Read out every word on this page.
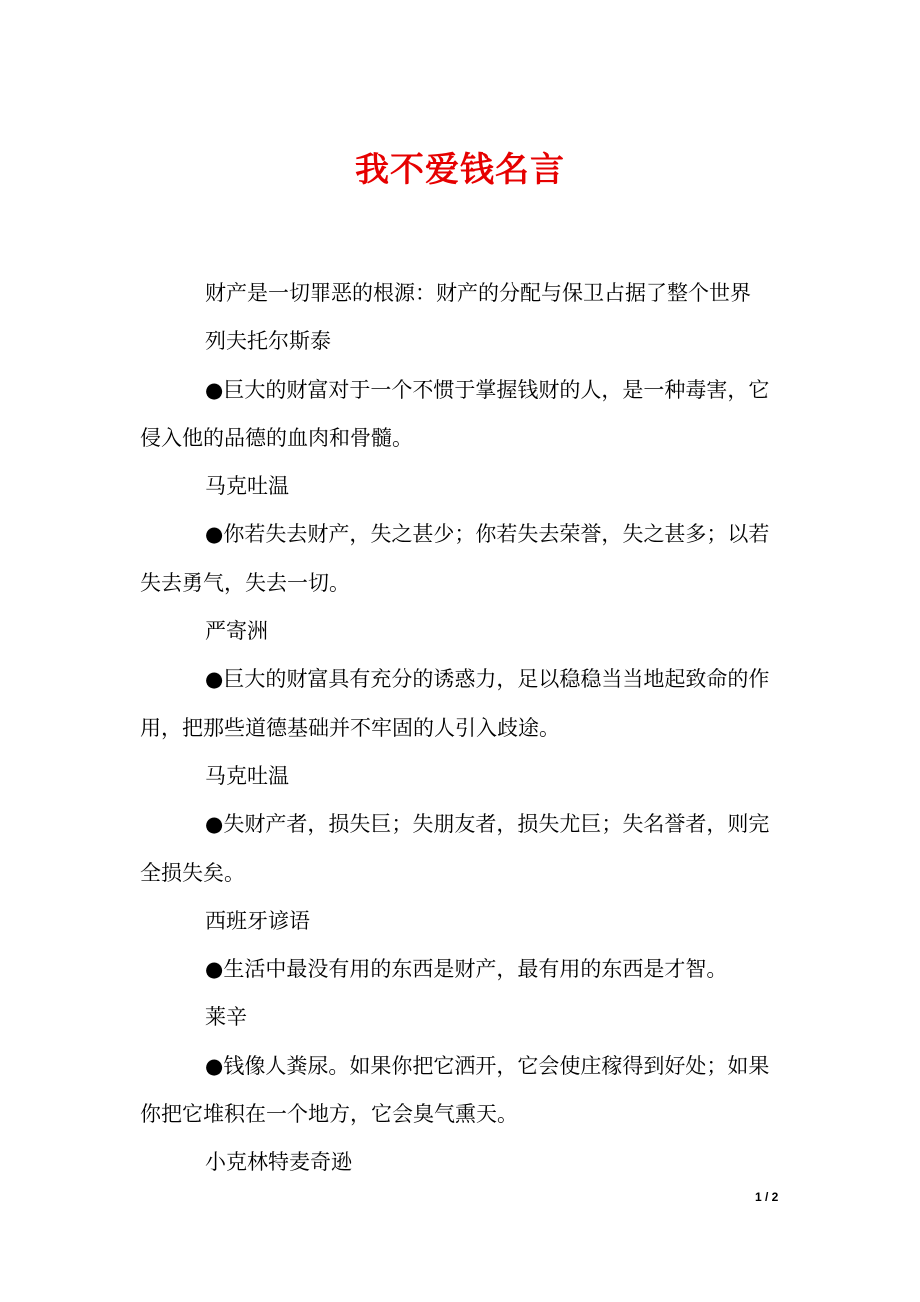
我不爱钱名言
财产是一切罪恶的根源：财产的分配与保卫占据了整个世界
列夫托尔斯泰
●巨大的财富对于一个不惯于掌握钱财的人，是一种毒害，它
侵入他的品德的血肉和骨髓。
马克吐温
●你若失去财产，失之甚少；你若失去荣誉，失之甚多；以若
失去勇气，失去一切。
严寄洲
●巨大的财富具有充分的诱惑力，足以稳稳当当地起致命的作
用，把那些道德基础并不牢固的人引入歧途。
马克吐温
●失财产者，损失巨；失朋友者，损失尤巨；失名誉者，则完
全损失矣。
西班牙谚语
●生活中最没有用的东西是财产，最有用的东西是才智。
莱辛
●钱像人粪尿。如果你把它洒开，它会使庄稼得到好处；如果
你把它堆积在一个地方，它会臭气熏天。
小克林特麦奇逊
1 / 2
